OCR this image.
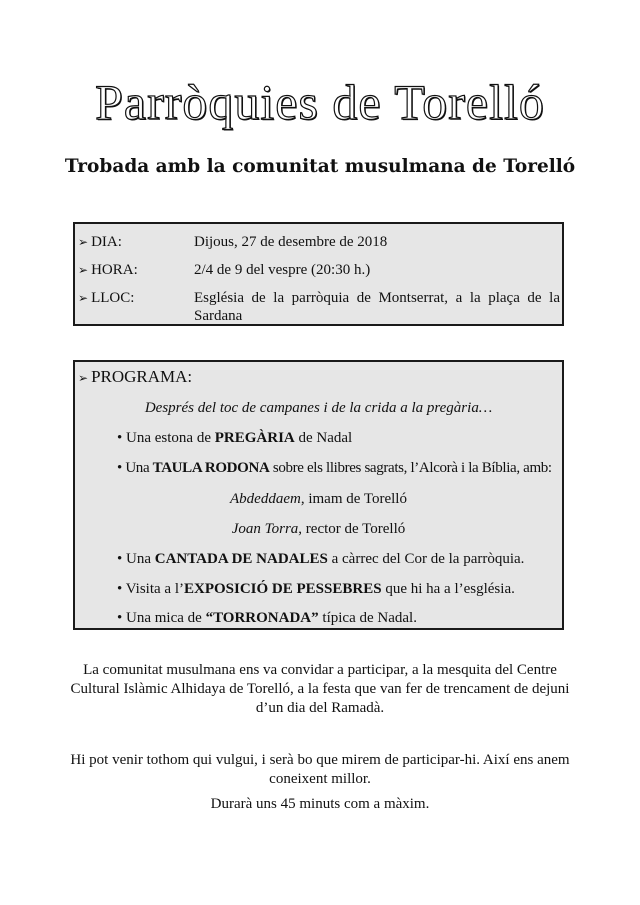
Parròquies de Torelló
Trobada amb la comunitat musulmana de Torelló
➢ DIA:	Dijous, 27 de desembre de 2018
➢ HORA:	2/4 de 9 del vespre (20:30 h.)
➢ LLOC:	Església de la parròquia de Montserrat, a la plaça de la Sardana
➢ PROGRAMA:
Després del toc de campanes i de la crida a la pregària…
• Una estona de PREGÀRIA de Nadal
• Una TAULA RODONA sobre els llibres sagrats, l’Alcorà i la Bíblia, amb:
Abdeddaem, imam de Torelló
Joan Torra, rector de Torelló
• Una CANTADA DE NADALES a càrrec del Cor de la parròquia.
• Visita a l’EXPOSICIÓ DE PESSEBRES que hi ha a l’església.
• Una mica de “TORRONADA” típica de Nadal.
La comunitat musulmana ens va convidar a participar, a la mesquita del Centre Cultural Islàmic Alhidaya de Torelló, a la festa que van fer de trencament de dejuni d’un dia del Ramadà.
Hi pot venir tothom qui vulgui, i serà bo que mirem de participar-hi. Així ens anem coneixent millor.
Durarà uns 45 minuts com a màxim.
